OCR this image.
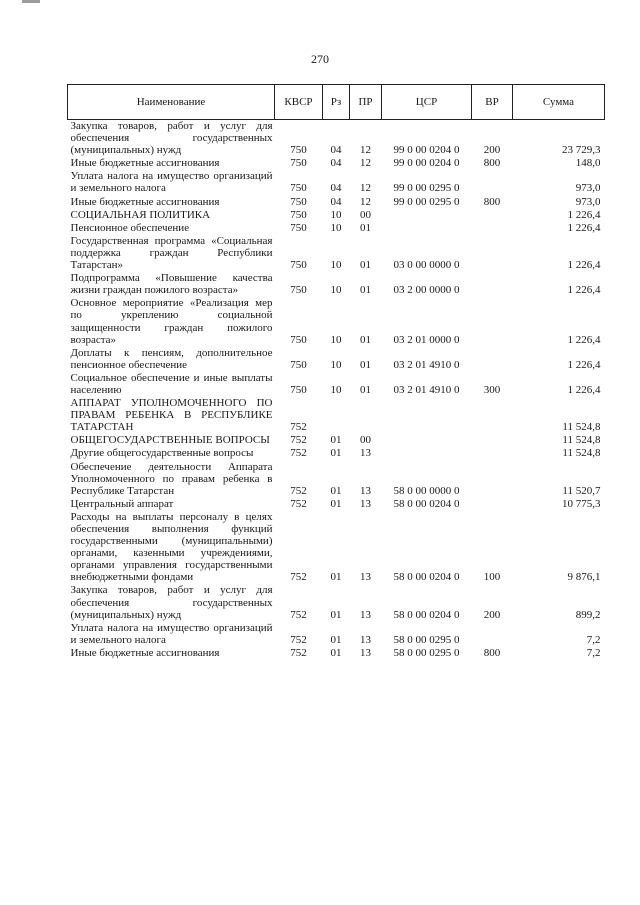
270
Наименование	КВСР	Рз	ПР	ЦСР	ВР	Сумма
Закупка товаров, работ и услуг для обеспечения государственных (муниципальных) нужд	750	04	12	99 0 00 0204 0	200	23 729,3
Иные бюджетные ассигнования	750	04	12	99 0 00 0204 0	800	148,0
Уплата налога на имущество организаций и земельного налога	750	04	12	99 0 00 0295 0		973,0
Иные бюджетные ассигнования	750	04	12	99 0 00 0295 0	800	973,0
СОЦИАЛЬНАЯ ПОЛИТИКА	750	10	00			1 226,4
Пенсионное обеспечение	750	10	01			1 226,4
Государственная программа «Социальная поддержка граждан Республики Татарстан»	750	10	01	03 0 00 0000 0		1 226,4
Подпрограмма «Повышение качества жизни граждан пожилого возраста»	750	10	01	03 2 00 0000 0		1 226,4
Основное мероприятие «Реализация мер по укреплению социальной защищенности граждан пожилого возраста»	750	10	01	03 2 01 0000 0		1 226,4
Доплаты к пенсиям, дополнительное пенсионное обеспечение	750	10	01	03 2 01 4910 0		1 226,4
Социальное обеспечение и иные выплаты населению	750	10	01	03 2 01 4910 0	300	1 226,4
АППАРАТ УПОЛНОМОЧЕННОГО ПО ПРАВАМ РЕБЕНКА В РЕСПУБЛИКЕ ТАТАРСТАН	752					11 524,8
ОБЩЕГОСУДАРСТВЕННЫЕ ВОПРОСЫ	752	01	00			11 524,8
Другие общегосударственные вопросы	752	01	13			11 524,8
Обеспечение деятельности Аппарата Уполномоченного по правам ребенка в Республике Татарстан	752	01	13	58 0 00 0000 0		11 520,7
Центральный аппарат	752	01	13	58 0 00 0204 0		10 775,3
Расходы на выплаты персоналу в целях обеспечения выполнения функций государственными (муниципальными) органами, казенными учреждениями, органами управления государственными внебюджетными фондами	752	01	13	58 0 00 0204 0	100	9 876,1
Закупка товаров, работ и услуг для обеспечения государственных (муниципальных) нужд	752	01	13	58 0 00 0204 0	200	899,2
Уплата налога на имущество организаций и земельного налога	752	01	13	58 0 00 0295 0		7,2
Иные бюджетные ассигнования	752	01	13	58 0 00 0295 0	800	7,2
